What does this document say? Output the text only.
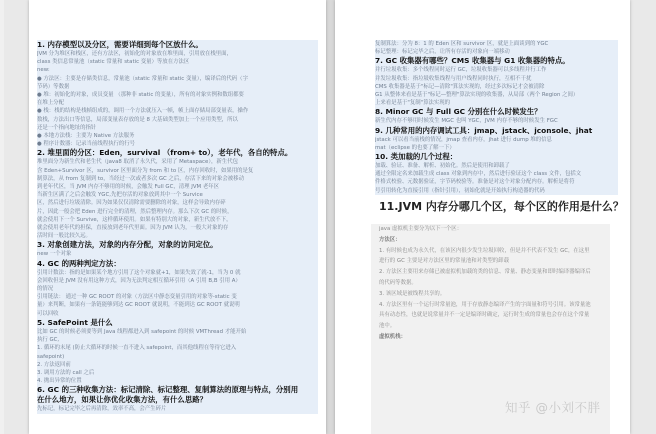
1. 内存模型以及分区，需要详细到每个区放什么。
JVM 分为堆区和栈区，还有方法区，初始化的对象放在堆里面，引用放在栈里面，
class 类信息常量池（static 常量和 static 变量）等放在方法区
new:
● 方法区：主要是存储类信息，常量池（static 常量和 static 变量），编译后的代码（字
节码）等数据
● 堆：初始化的对象，成员变量 （那种非 static 的变量），所有的对象实例和数组都要
在堆上分配
● 栈：栈的结构是栈帧组成的，调用一个方法就压入一帧，帧上面存储局部变量表，操作
数栈，方法出口等信息，局部变量表存放的是 8 大基础类型加上一个应用类型，所以
还是一个指向地址的指针
● 本地方法栈：主要为 Native 方法服务
● 程序计数器：记录当前线程执行的行号
2. 堆里面的分区：Eden，survival （from+ to），老年代，各自的特点。
堆里面分为新生代和老生代（java8 取消了永久代，采用了 Metaspace），新生代包
含 Eden+Survivor 区，survivor 区里面分为 from 和 to 区，内存回收时，如果用的是复
制算法，从 from 复制到 to，当经过一次或者多次 GC 之后，存活下来的对象会被移动
到老年代区，当 JVM 内存不够用的时候，会触发 Full GC，清理 JVM 老年区
当新生区满了之后会触发 YGC,先把存活的对象放到其中一个 Survice
区，然后进行垃圾清除。因为如果仅仅清除需要删除的对象，这样会导致内存碎
片，因此一般会把 Eden 进行完全的清理，然后整理内存。那么下次 GC 的时候，
就会使用下一个 Survive，这样循环使用。如果有特别大的对象，新生代放不下，
就会使用老年代的担保，直接放到老年代里面。因为 JVM 认为，一般大对象的存
活时间一般比较久远。
3. 对象创建方法，对象的内存分配，对象的访问定位。
new 一个对象
4. GC 的两种判定方法：
引用计数法：指的是如果某个地方引用了这个对象就+1，如果失效了就-1，当为 0 就
会回收但是 JVM 没有用这种方式，因为无法判定相互循环引用（A 引用 B,B 引用 A）
的情况
引用链法： 通过一种 GC ROOT 的对象（方法区中静态变量引用的对象等-static 变
量）来判断，如果有一条链能够到达 GC ROOT 就说明，不能到达 GC ROOT 就说明
可以回收
5. SafePoint 是什么
比如 GC 的时候必须要等到 Java 线程都进入到 safepoint 的时候 VMThread 才能开始
执行 GC,
1. 循环的末尾 (防止大循环的时候一直不进入 safepoint，而其他线程在等待它进入
safepoint)
2. 方法返回前
3. 调用方法的 call 之后
4. 抛出异常的位置
6. GC 的三种收集方法：标记清除、标记整理、复制算法的原理与特点，分别用
在什么地方，如果让你优化收集方法，有什么思路？
先标记，标记完毕之后再清除，效率不高，会产生碎片
复制算法：分为 8：1 的 Eden 区和 survivor 区，就是上面谈到的 YGC
标记整理：标记完毕之后，让所有存活的对象向一端移动
7. GC 收集器有哪些？CMS 收集器与 G1 收集器的特点。
并行垃圾收集：多个线程同时运行 GC，垃圾收集器可以多线程并行工作
并发垃圾收集：指垃圾收集线程与用户线程同时执行，互相不干扰
CMS 收集器是基于"标记—清除"算法实现的，经过多次标记才会被清除
G1 从整体来看是基于"标记—整理"算法实现的收集器，从局部（两个 Region 之间）
上来看是基于"复制"算法实现的
8. Minor GC 与 Full GC 分别在什么时候发生？
新生代内存不够用时候发生 MGC 也叫 YGC，JVM 内存不够的时候发生 FGC
9. 几种常用的内存调试工具：jmap、jstack、jconsole、jhat
jstack 可以看当前栈的情况，jmap 查看内存，jhat 进行 dump 堆的信息
mat（eclipse 的也要了解一下）
10. 类加载的几个过程：
加载、验证、准备、解析、初始化。然后是使用和卸载了
通过全限定名来加载生成 class 对象到内存中，然后进行验证这个 class 文件，包括文
件格式校验、元数据验证，字节码校验等。准备是对这个对象分配内存。解析是将符
号引用转化为直接引用（指针引用），初始化就是开始执行构造器的代码
11.JVM 内存分哪几个区，每个区的作用是什么？
java 虚拟机主要分为以下一个区：
方法区：
1. 有时候也成为永久代，在该区内很少发生垃圾回收，但是并不代表不发生 GC，在这里
进行的 GC 主要是对方法区里的常量池和对类型的卸载
2. 方法区主要用来存储已被虚拟机加载的类的信息、常量、静态变量和即时编译器编译后
的代码等数据。
3. 该区域是被线程共享的。
4. 方法区里有一个运行时常量池，用于存放静态编译产生的字面量和符号引用。该常量池
具有动态性，也就是说常量并不一定是编译时确定，运行时生成的常量也会存在这个常量
池中。
虚拟机栈：
知乎 @小刘不胖
